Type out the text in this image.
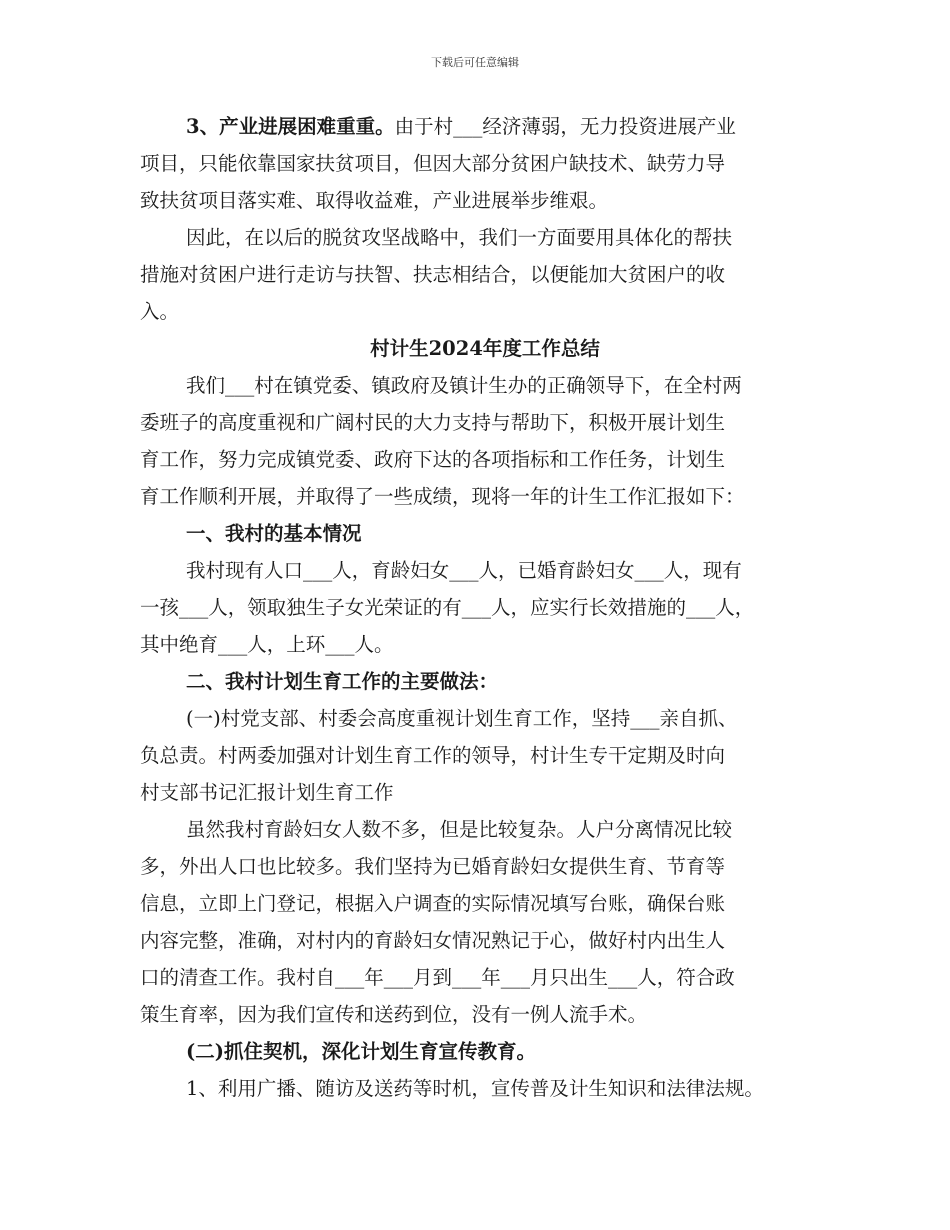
下载后可任意编辑
3、产业进展困难重重。由于村___经济薄弱，无力投资进展产业
项目，只能依靠国家扶贫项目，但因大部分贫困户缺技术、缺劳力导
致扶贫项目落实难、取得收益难，产业进展举步维艰。
因此，在以后的脱贫攻坚战略中，我们一方面要用具体化的帮扶
措施对贫困户进行走访与扶智、扶志相结合，以便能加大贫困户的收
入。
村计生2024年度工作总结
我们___村在镇党委、镇政府及镇计生办的正确领导下，在全村两
委班子的高度重视和广阔村民的大力支持与帮助下，积极开展计划生
育工作，努力完成镇党委、政府下达的各项指标和工作任务，计划生
育工作顺利开展，并取得了一些成绩，现将一年的计生工作汇报如下：
一、我村的基本情况
我村现有人口___人，育龄妇女___人，已婚育龄妇女___人，现有
一孩___人，领取独生子女光荣证的有___人，应实行长效措施的___人，
其中绝育___人，上环___人。
二、我村计划生育工作的主要做法：
(一)村党支部、村委会高度重视计划生育工作，坚持___亲自抓、
负总责。村两委加强对计划生育工作的领导，村计生专干定期及时向
村支部书记汇报计划生育工作
虽然我村育龄妇女人数不多，但是比较复杂。人户分离情况比较
多，外出人口也比较多。我们坚持为已婚育龄妇女提供生育、节育等
信息，立即上门登记，根据入户调查的实际情况填写台账，确保台账
内容完整，准确，对村内的育龄妇女情况熟记于心，做好村内出生人
口的清查工作。我村自___年___月到___年___月只出生___人，符合政
策生育率，因为我们宣传和送药到位，没有一例人流手术。
(二)抓住契机，深化计划生育宣传教育。
1、利用广播、随访及送药等时机，宣传普及计生知识和法律法规。
